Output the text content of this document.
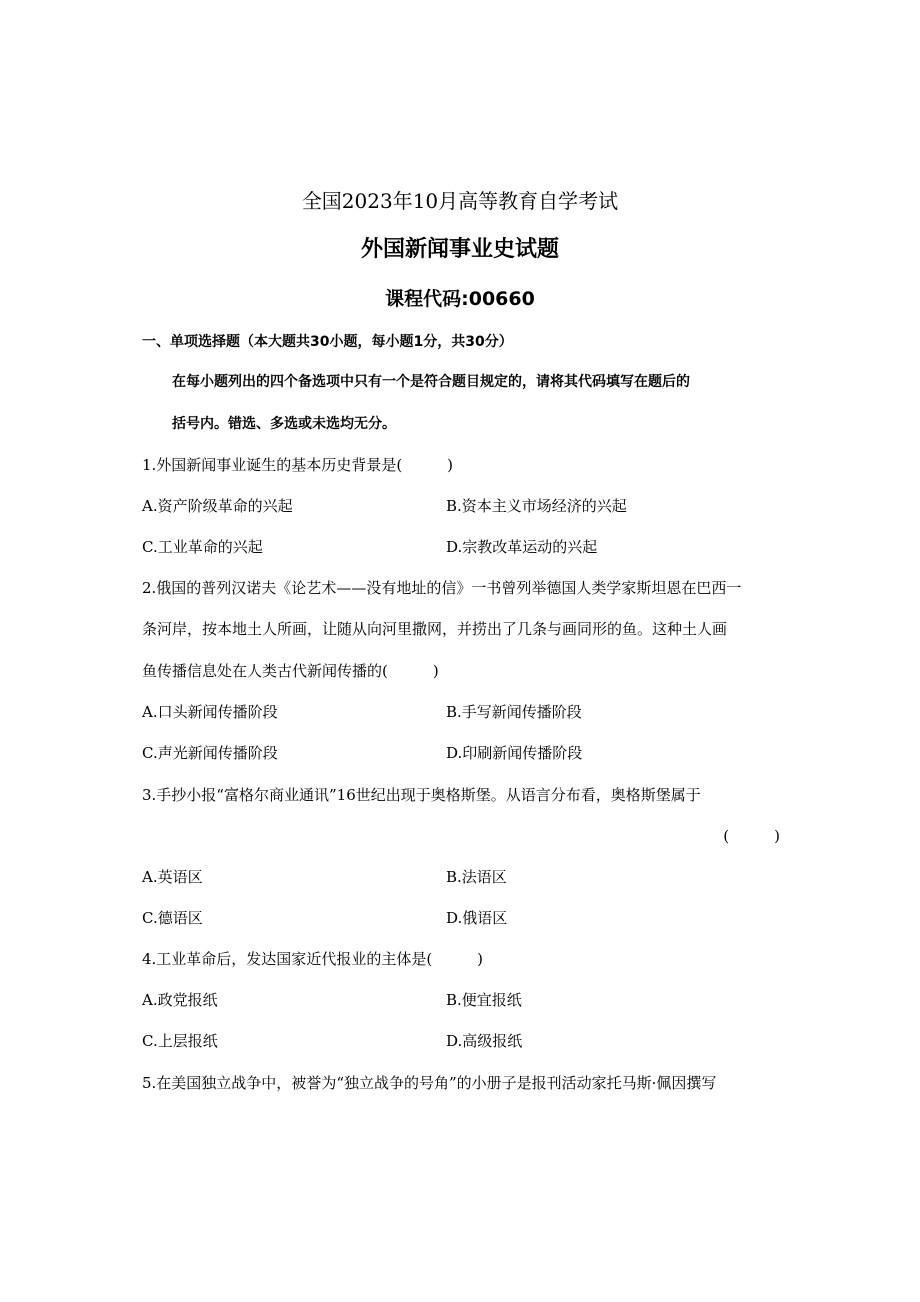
全国2023年10月高等教育自学考试
外国新闻事业史试题
课程代码:00660
一、单项选择题（本大题共30小题，每小题1分，共30分）
在每小题列出的四个备选项中只有一个是符合题目规定的，请将其代码填写在题后的
括号内。错选、多选或未选均无分。
1.外国新闻事业诞生的基本历史背景是(　　　)
A.资产阶级革命的兴起	B.资本主义市场经济的兴起
C.工业革命的兴起	D.宗教改革运动的兴起
2.俄国的普列汉诺夫《论艺术——没有地址的信》一书曾列举德国人类学家斯坦恩在巴西一
条河岸，按本地土人所画，让随从向河里撒网，并捞出了几条与画同形的鱼。这种土人画
鱼传播信息处在人类古代新闻传播的(　　　)
A.口头新闻传播阶段	B.手写新闻传播阶段
C.声光新闻传播阶段	D.印刷新闻传播阶段
3.手抄小报“富格尔商业通讯”16世纪出现于奥格斯堡。从语言分布看，奥格斯堡属于
(　　　)
A.英语区	B.法语区
C.德语区	D.俄语区
4.工业革命后，发达国家近代报业的主体是(　　　)
A.政党报纸	B.便宜报纸
C.上层报纸	D.高级报纸
5.在美国独立战争中，被誉为“独立战争的号角”的小册子是报刊活动家托马斯·佩因撰写
